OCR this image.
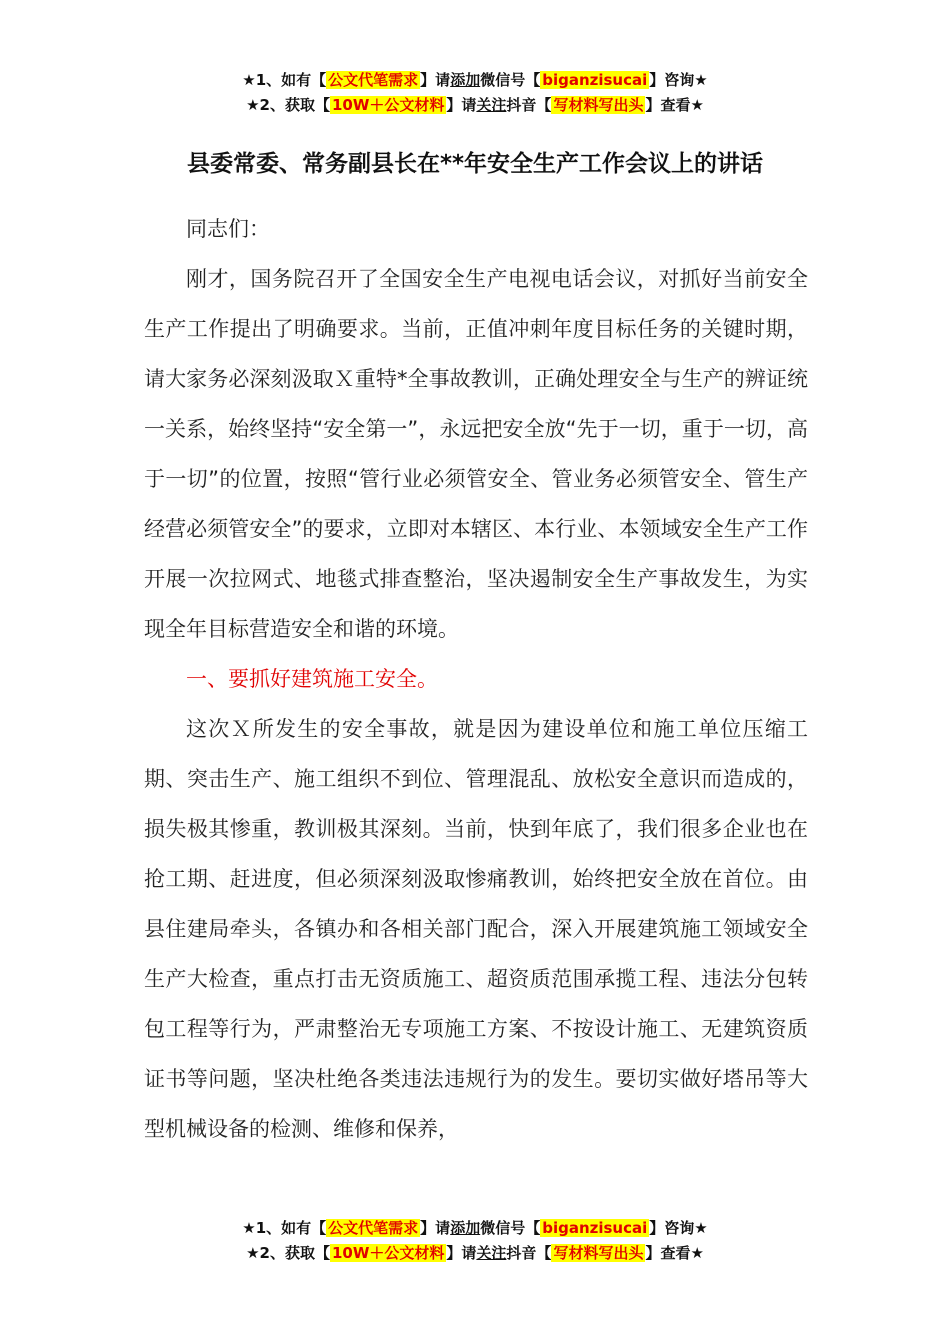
★1、如有【 公文代笔需求 】请添加微信号【 biganzisucai 】咨询★
★2、获取【 10W＋公文材料 】请关注抖音【 写材料写出头 】查看★
县委常委、常务副县长在**年安全生产工作会议上的讲话

同志们：

刚才，国务院召开了全国安全生产电视电话会议，对抓好当前安全生产工作提出了明确要求。当前，正值冲刺年度目标任务的关键时期，请大家务必深刻汲取Ｘ重特*全事故教训，正确处理安全与生产的辨证统一关系，始终坚持“安全第一”，永远把安全放“先于一切，重于一切，高于一切”的位置，按照“管行业必须管安全、管业务必须管安全、管生产经营必须管安全”的要求，立即对本辖区、本行业、本领域安全生产工作开展一次拉网式、地毯式排查整治，坚决遏制安全生产事故发生，为实现全年目标营造安全和谐的环境。

一、要抓好建筑施工安全。

这次Ｘ所发生的安全事故，就是因为建设单位和施工单位压缩工期、突击生产、施工组织不到位、管理混乱、放松安全意识而造成的，损失极其惨重，教训极其深刻。当前，快到年底了，我们很多企业也在抢工期、赶进度，但必须深刻汲取惨痛教训，始终把安全放在首位。由县住建局牵头，各镇办和各相关部门配合，深入开展建筑施工领域安全生产大检查，重点打击无资质施工、超资质范围承揽工程、违法分包转包工程等行为，严肃整治无专项施工方案、不按设计施工、无建筑资质证书等问题，坚决杜绝各类违法违规行为的发生。要切实做好塔吊等大型机械设备的检测、维修和保养，

★1、如有【 公文代笔需求 】请添加微信号【 biganzisucai 】咨询★
★2、获取【 10W＋公文材料 】请关注抖音【 写材料写出头 】查看★
